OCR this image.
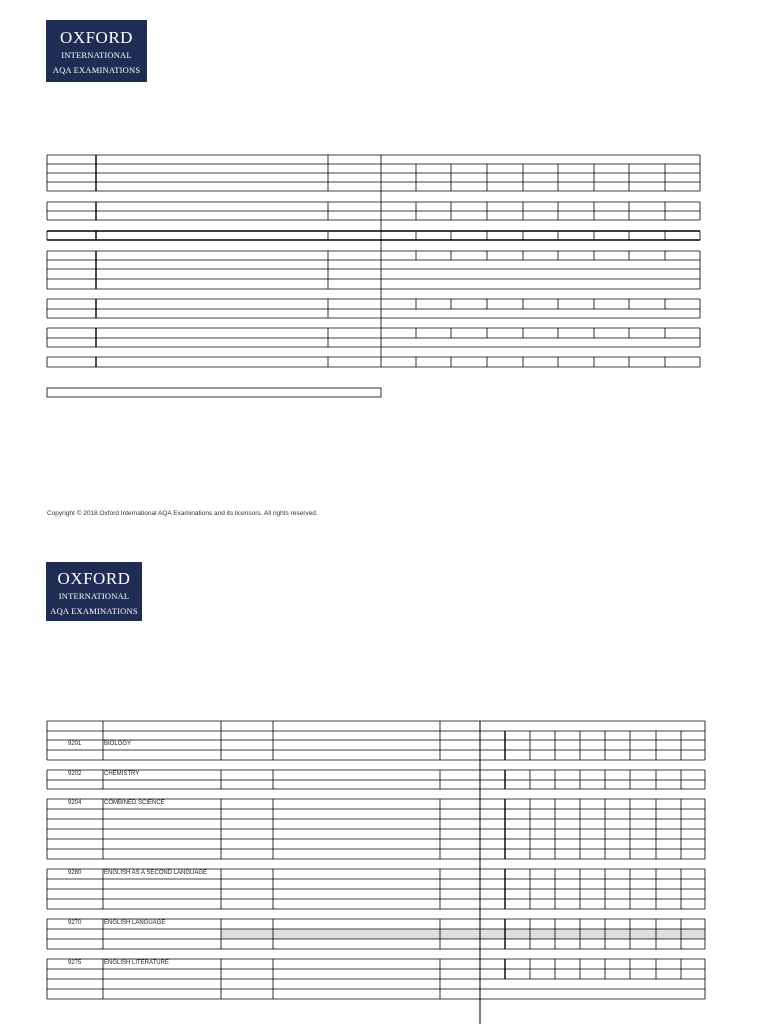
OXFORD
INTERNATIONAL
AQA EXAMINATIONS
OXFORD
INTERNATIONAL
AQA EXAMINATIONS
Copyright © 2018 Oxford International AQA Examinations and its licensors. All rights reserved.
9201	BIOLOGY
9202	CHEMISTRY
9204	COMBINED SCIENCE
9280	ENGLISH AS A SECOND LANGUAGE
9270	ENGLISH LANGUAGE
9275	ENGLISH LITERATURE
